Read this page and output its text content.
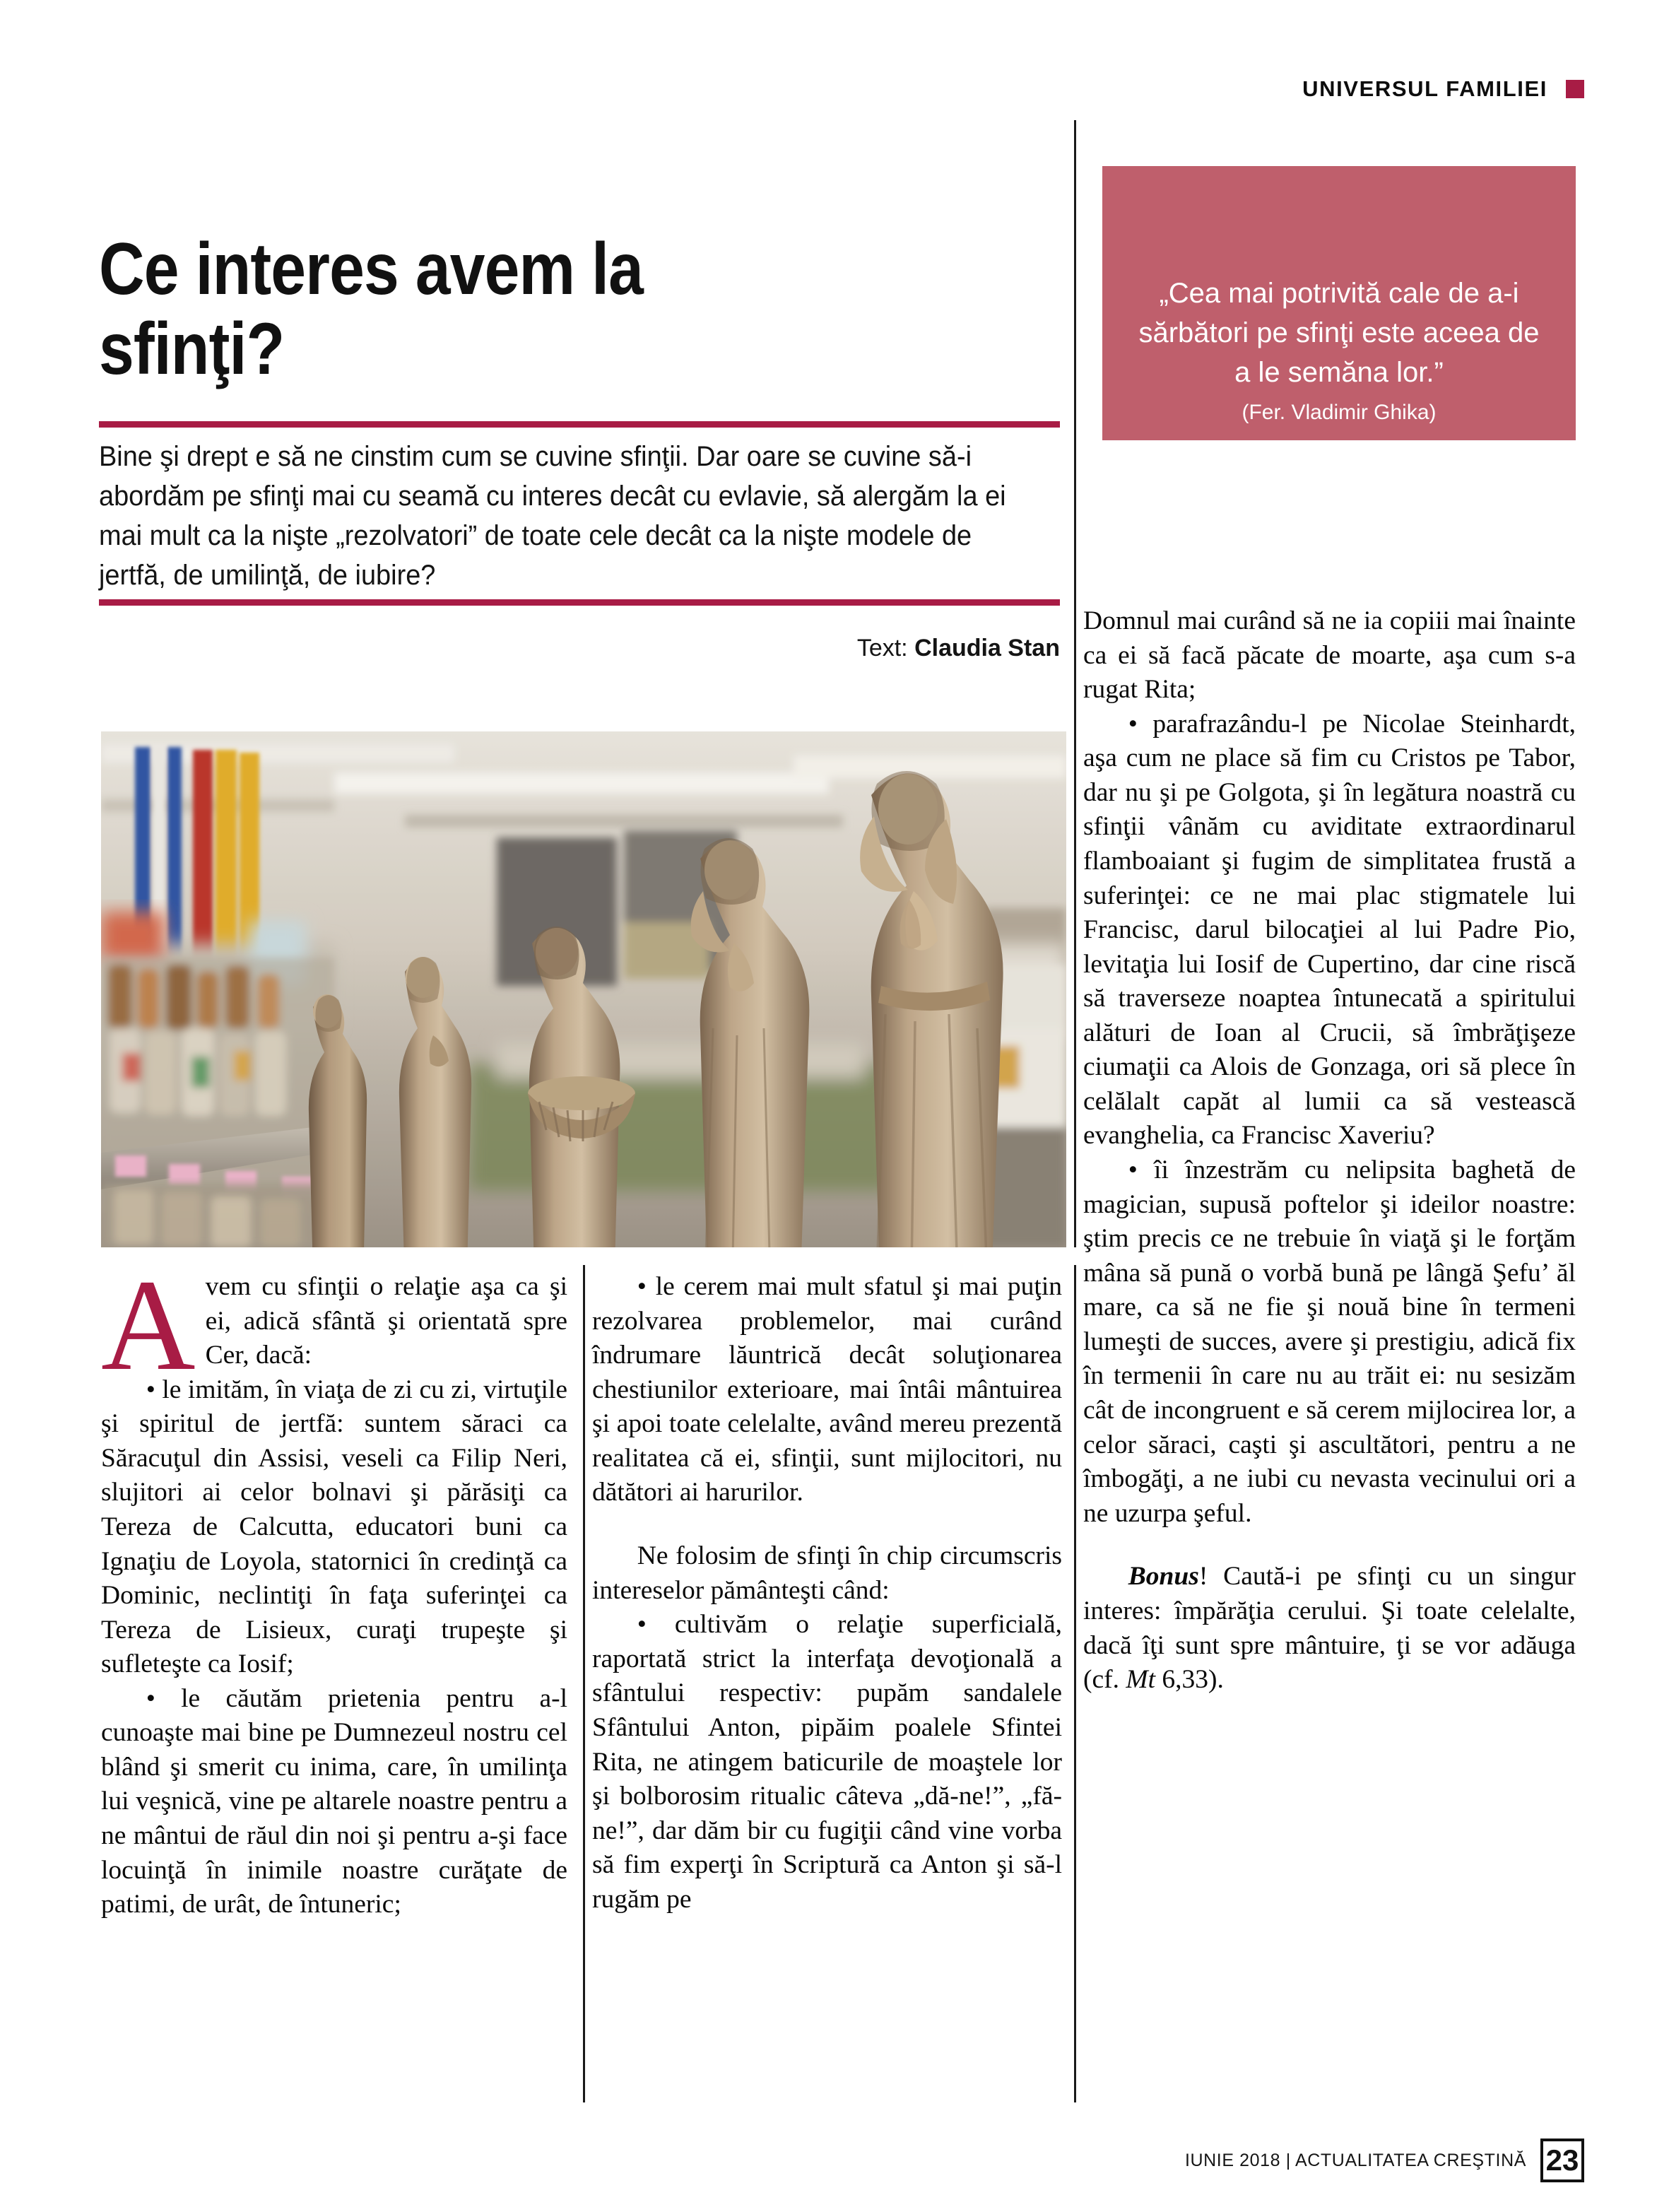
UNIVERSUL FAMILIEI
Ce interes avem la sfinţi?
Bine şi drept e să ne cinstim cum se cuvine sfinţii. Dar oare se cuvine să-i abordăm pe sfinţi mai cu seamă cu interes decât cu evlavie, să alergăm la ei mai mult ca la nişte „rezolvatori” de toate cele decât ca la nişte modele de jertfă, de umilinţă, de iubire?
Text: Claudia Stan
„Cea mai potrivită cale de a-i sărbători pe sfinţi este aceea de a le semăna lor.”
(Fer. Vladimir Ghika)

Avem cu sfinţii o relaţie aşa ca şi ei, adică sfântă şi orientată spre Cer, dacă:

• le imităm, în viaţa de zi cu zi, virtuţile şi spiritul de jertfă: suntem săraci ca Săracuţul din Assisi, veseli ca Filip Neri, slujitori ai celor bolnavi şi părăsiţi ca Tereza de Calcutta, educatori buni ca Ignaţiu de Loyola, statornici în credinţă ca Dominic, neclintiţi în faţa suferinţei ca Tereza de Lisieux, curaţi trupeşte şi sufleteşte ca Iosif;

• le căutăm prietenia pentru a-l cunoaşte mai bine pe Dumnezeul nostru cel blând şi smerit cu inima, care, în umilinţa lui veşnică, vine pe altarele noastre pentru a ne mântui de răul din noi şi pentru a-şi face locuinţă în inimile noastre curăţate de patimi, de urât, de întuneric;

• le cerem mai mult sfatul şi mai puţin rezolvarea problemelor, mai curând îndrumare lăuntrică decât soluţionarea chestiunilor exterioare, mai întâi mântuirea şi apoi toate celelalte, având mereu prezentă realitatea că ei, sfinţii, sunt mijlocitori, nu dătători ai harurilor.

Ne folosim de sfinţi în chip circumscris intereselor pământeşti când:

• cultivăm o relaţie superficială, raportată strict la interfaţa devoţională a sfântului respectiv: pupăm sandalele Sfântului Anton, pipăim poalele Sfintei Rita, ne atingem baticurile de moaştele lor şi bolborosim ritualic câteva „dă-ne!”, „fă-ne!”, dar dăm bir cu fugiţii când vine vorba să fim experţi în Scriptură ca Anton şi să-l rugăm pe

Domnul mai curând să ne ia copiii mai înainte ca ei să facă păcate de moarte, aşa cum s-a rugat Rita;

• parafrazându-l pe Nicolae Steinhardt, aşa cum ne place să fim cu Cristos pe Tabor, dar nu şi pe Golgota, şi în legătura noastră cu sfinţii vânăm cu aviditate extraordinarul flamboaiant şi fugim de simplitatea frustă a suferinţei: ce ne mai plac stigmatele lui Francisc, darul bilocaţiei al lui Padre Pio, levitaţia lui Iosif de Cupertino, dar cine riscă să traverseze noaptea întunecată a spiritului alături de Ioan al Crucii, să îmbrăţişeze ciumaţii ca Alois de Gonzaga, ori să plece în celălalt capăt al lumii ca să vestească evanghelia, ca Francisc Xaveriu?

• îi înzestrăm cu nelipsita baghetă de magician, supusă poftelor şi ideilor noastre: ştim precis ce ne trebuie în viaţă şi le forţăm mâna să pună o vorbă bună pe lângă Şefu’ ăl mare, ca să ne fie şi nouă bine în termeni lumeşti de succes, avere şi prestigiu, adică fix în termenii în care nu au trăit ei: nu sesizăm cât de incongruent e să cerem mijlocirea lor, a celor săraci, caşti şi ascultători, pentru a ne îmbogăţi, a ne iubi cu nevasta vecinului ori a ne uzurpa şeful.

Bonus! Caută-i pe sfinţi cu un singur interes: împărăţia cerului. Şi toate celelalte, dacă îţi sunt spre mântuire, ţi se vor adăuga (cf. Mt 6,33).

IUNIE 2018 | ACTUALITATEA CREŞTINĂ 23
